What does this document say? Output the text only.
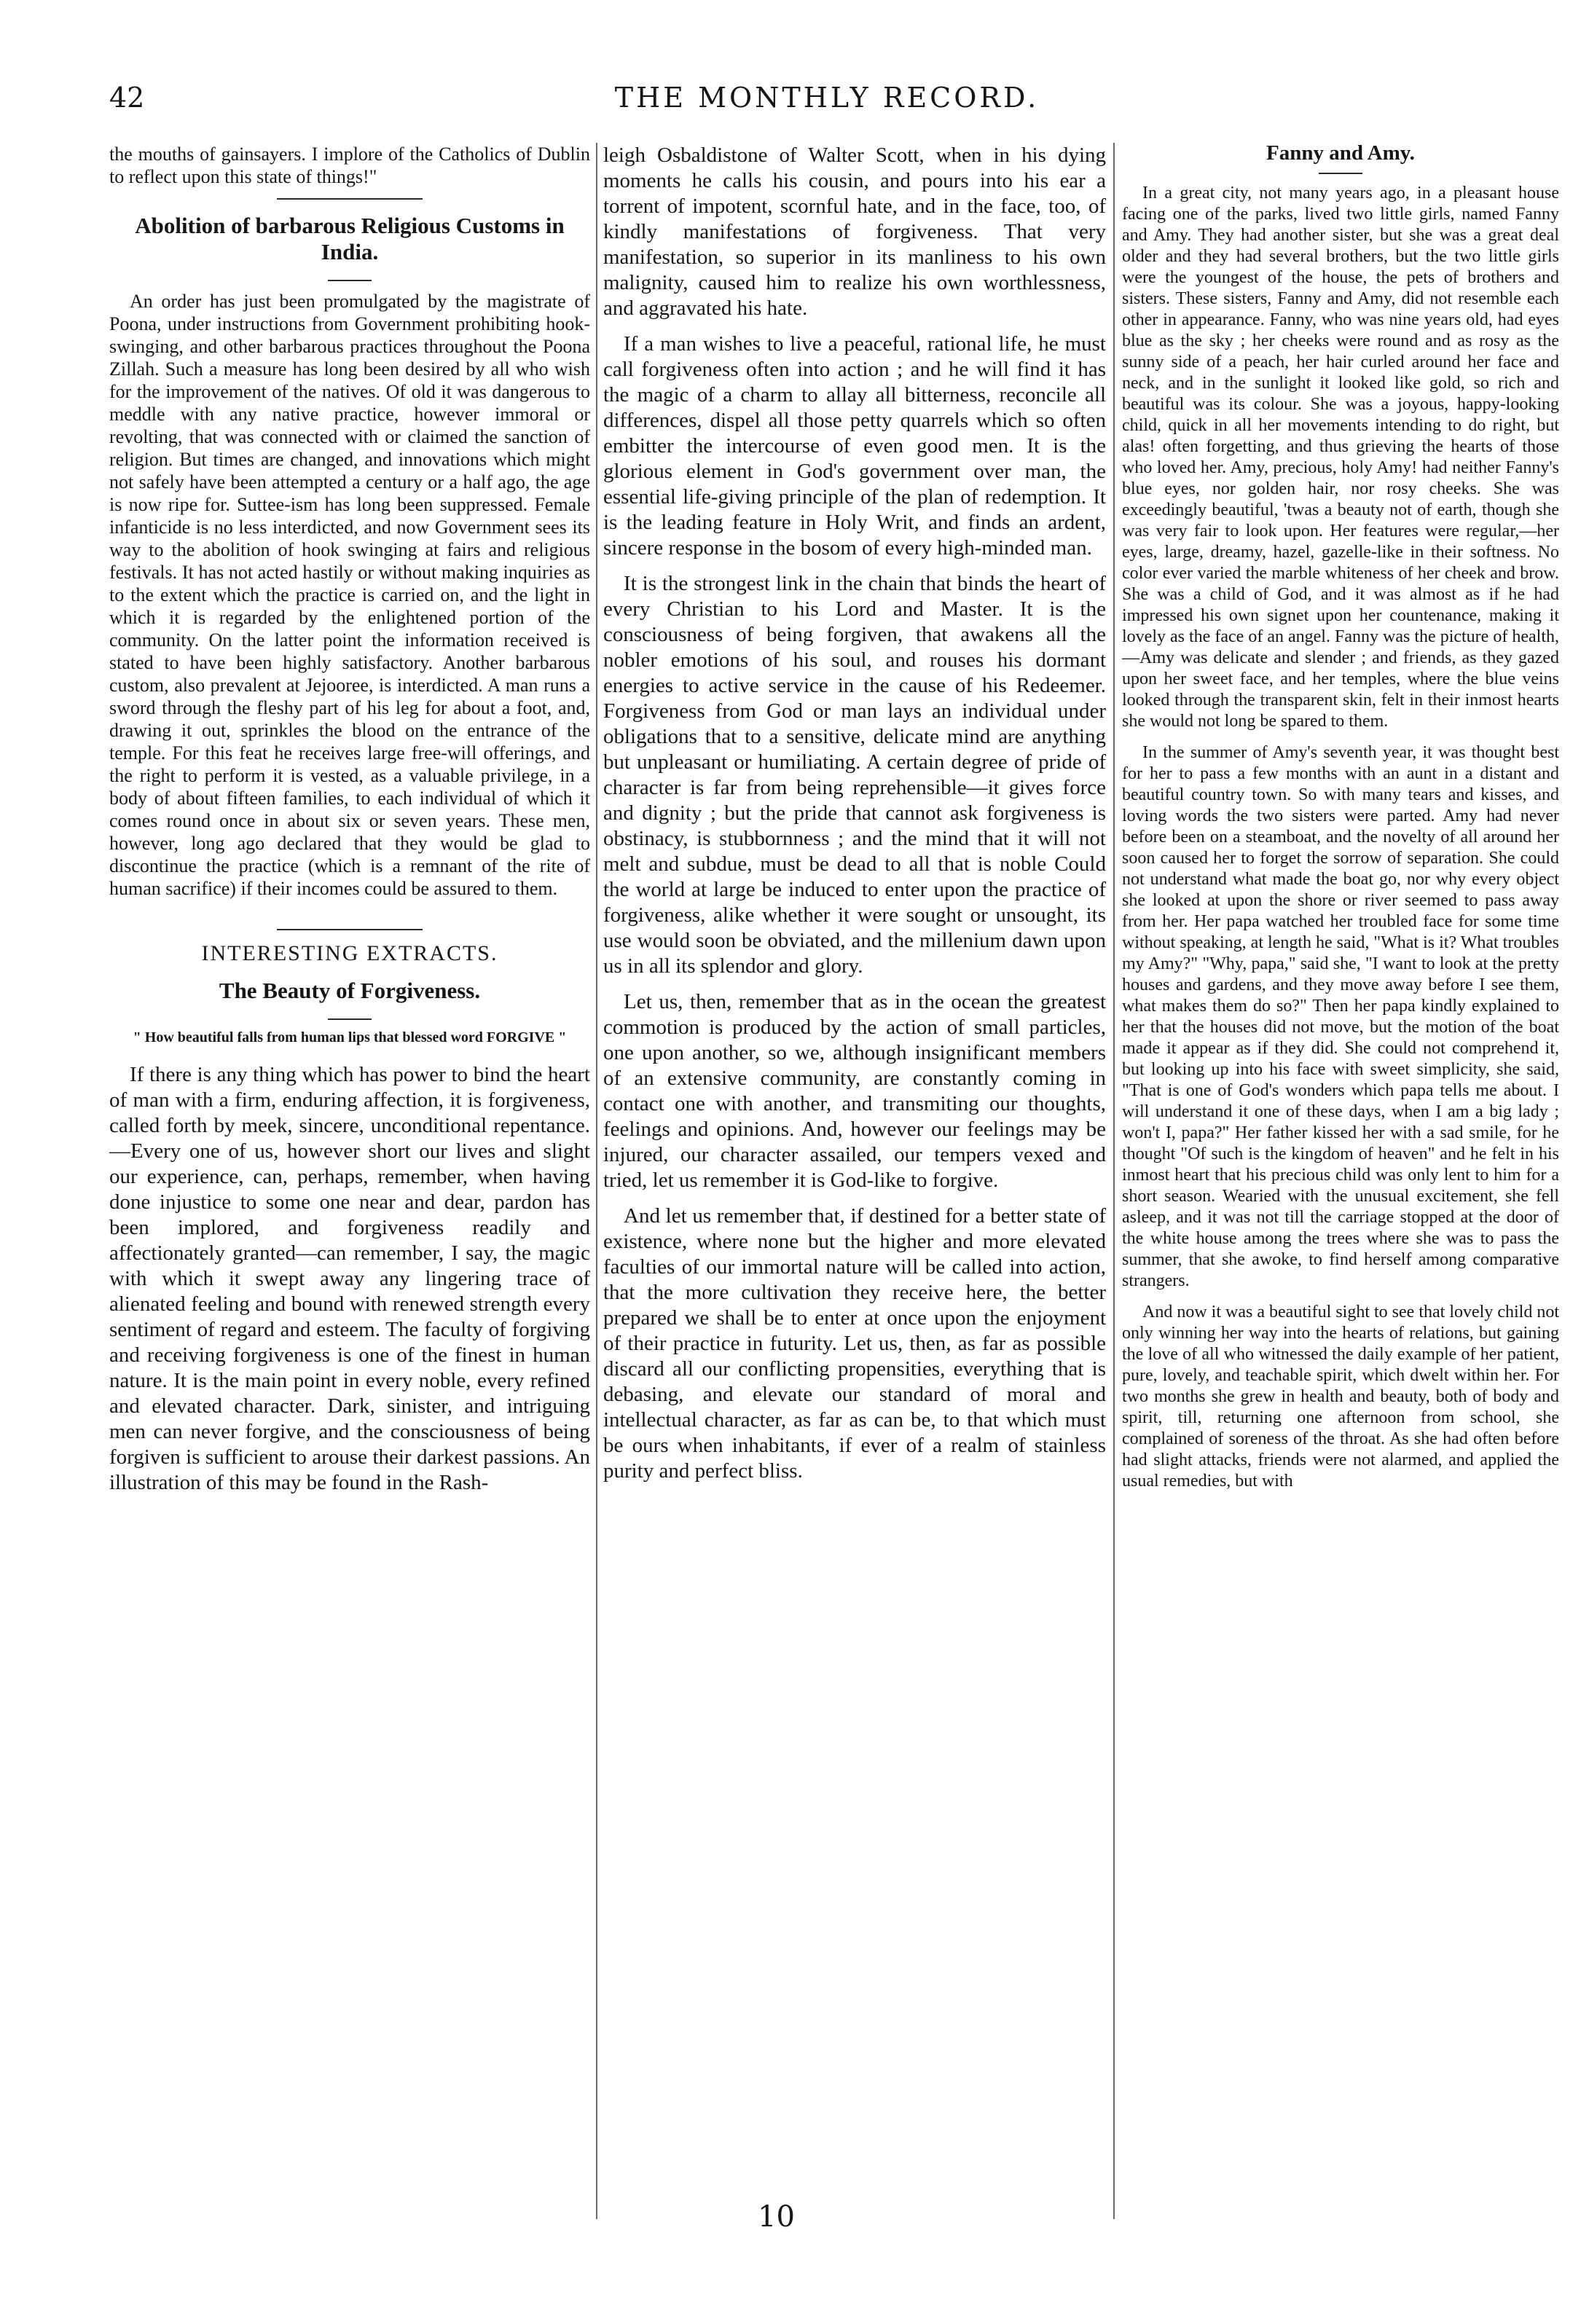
42	THE MONTHLY RECORD.

the mouths of gainsayers. I implore of the Catholics of Dublin to reflect upon this state of things!"

Abolition of barbarous Religious Customs in India.

An order has just been promulgated by the magistrate of Poona, under instructions from Government prohibiting hook-swinging, and other barbarous practices throughout the Poona Zillah. Such a measure has long been desired by all who wish for the improvement of the natives. Of old it was dangerous to meddle with any native practice, however immoral or revolting, that was connected with or claimed the sanction of religion. But times are changed, and innovations which might not safely have been attempted a century or a half ago, the age is now ripe for. Suttee-ism has long been suppressed. Female infanticide is no less interdicted, and now Government sees its way to the abolition of hook swinging at fairs and religious festivals. It has not acted hastily or without making inquiries as to the extent which the practice is carried on, and the light in which it is regarded by the enlightened portion of the community. On the latter point the information received is stated to have been highly satisfactory. Another barbarous custom, also prevalent at Jejooree, is interdicted. A man runs a sword through the fleshy part of his leg for about a foot, and, drawing it out, sprinkles the blood on the entrance of the temple. For this feat he receives large free-will offerings, and the right to perform it is vested, as a valuable privilege, in a body of about fifteen families, to each individual of which it comes round once in about six or seven years. These men, however, long ago declared that they would be glad to discontinue the practice (which is a remnant of the rite of human sacrifice) if their incomes could be assured to them.

INTERESTING EXTRACTS.
The Beauty of Forgiveness.
" How beautiful falls from human lips that blessed word FORGIVE "

If there is any thing which has power to bind the heart of man with a firm, enduring affection, it is forgiveness, called forth by meek, sincere, unconditional repentance.—Every one of us, however short our lives and slight our experience, can, perhaps, remember, when having done injustice to some one near and dear, pardon has been implored, and forgiveness readily and affectionately granted—can remember, I say, the magic with which it swept away any lingering trace of alienated feeling and bound with renewed strength every sentiment of regard and esteem. The faculty of forgiving and receiving forgiveness is one of the finest in human nature. It is the main point in every noble, every refined and elevated character. Dark, sinister, and intriguing men can never forgive, and the consciousness of being forgiven is sufficient to arouse their darkest passions. An illustration of this may be found in the Rash-

leigh Osbaldistone of Walter Scott, when in his dying moments he calls his cousin, and pours into his ear a torrent of impotent, scornful hate, and in the face, too, of kindly manifestations of forgiveness. That very manifestation, so superior in its manliness to his own malignity, caused him to realize his own worthlessness, and aggravated his hate.

If a man wishes to live a peaceful, rational life, he must call forgiveness often into action ; and he will find it has the magic of a charm to allay all bitterness, reconcile all differences, dispel all those petty quarrels which so often embitter the intercourse of even good men. It is the glorious element in God's government over man, the essential life-giving principle of the plan of redemption. It is the leading feature in Holy Writ, and finds an ardent, sincere response in the bosom of every high-minded man.

It is the strongest link in the chain that binds the heart of every Christian to his Lord and Master. It is the consciousness of being forgiven, that awakens all the nobler emotions of his soul, and rouses his dormant energies to active service in the cause of his Redeemer. Forgiveness from God or man lays an individual under obligations that to a sensitive, delicate mind are anything but unpleasant or humiliating. A certain degree of pride of character is far from being reprehensible—it gives force and dignity ; but the pride that cannot ask forgiveness is obstinacy, is stubbornness ; and the mind that it will not melt and subdue, must be dead to all that is noble Could the world at large be induced to enter upon the practice of forgiveness, alike whether it were sought or unsought, its use would soon be obviated, and the millenium dawn upon us in all its splendor and glory.

Let us, then, remember that as in the ocean the greatest commotion is produced by the action of small particles, one upon another, so we, although insignificant members of an extensive community, are constantly coming in contact one with another, and transmiting our thoughts, feelings and opinions. And, however our feelings may be injured, our character assailed, our tempers vexed and tried, let us remember it is God-like to forgive.

And let us remember that, if destined for a better state of existence, where none but the higher and more elevated faculties of our immortal nature will be called into action, that the more cultivation they receive here, the better prepared we shall be to enter at once upon the enjoyment of their practice in futurity. Let us, then, as far as possible discard all our conflicting propensities, everything that is debasing, and elevate our standard of moral and intellectual character, as far as can be, to that which must be ours when inhabitants, if ever of a realm of stainless purity and perfect bliss.

Fanny and Amy.

In a great city, not many years ago, in a pleasant house facing one of the parks, lived two little girls, named Fanny and Amy. They had another sister, but she was a great deal older and they had several brothers, but the two little girls were the youngest of the house, the pets of brothers and sisters. These sisters, Fanny and Amy, did not resemble each other in appearance. Fanny, who was nine years old, had eyes blue as the sky ; her cheeks were round and as rosy as the sunny side of a peach, her hair curled around her face and neck, and in the sunlight it looked like gold, so rich and beautiful was its colour. She was a joyous, happy-looking child, quick in all her movements intending to do right, but alas! often forgetting, and thus grieving the hearts of those who loved her. Amy, precious, holy Amy! had neither Fanny's blue eyes, nor golden hair, nor rosy cheeks. She was exceedingly beautiful, 'twas a beauty not of earth, though she was very fair to look upon. Her features were regular,—her eyes, large, dreamy, hazel, gazelle-like in their softness. No color ever varied the marble whiteness of her cheek and brow. She was a child of God, and it was almost as if he had impressed his own signet upon her countenance, making it lovely as the face of an angel. Fanny was the picture of health,—Amy was delicate and slender ; and friends, as they gazed upon her sweet face, and her temples, where the blue veins looked through the transparent skin, felt in their inmost hearts she would not long be spared to them.

In the summer of Amy's seventh year, it was thought best for her to pass a few months with an aunt in a distant and beautiful country town. So with many tears and kisses, and loving words the two sisters were parted. Amy had never before been on a steamboat, and the novelty of all around her soon caused her to forget the sorrow of separation. She could not understand what made the boat go, nor why every object she looked at upon the shore or river seemed to pass away from her. Her papa watched her troubled face for some time without speaking, at length he said, "What is it? What troubles my Amy?" "Why, papa," said she, "I want to look at the pretty houses and gardens, and they move away before I see them, what makes them do so?" Then her papa kindly explained to her that the houses did not move, but the motion of the boat made it appear as if they did. She could not comprehend it, but looking up into his face with sweet simplicity, she said, "That is one of God's wonders which papa tells me about. I will understand it one of these days, when I am a big lady ; won't I, papa?" Her father kissed her with a sad smile, for he thought "Of such is the kingdom of heaven" and he felt in his inmost heart that his precious child was only lent to him for a short season. Wearied with the unusual excitement, she fell asleep, and it was not till the carriage stopped at the door of the white house among the trees where she was to pass the summer, that she awoke, to find herself among comparative strangers.

And now it was a beautiful sight to see that lovely child not only winning her way into the hearts of relations, but gaining the love of all who witnessed the daily example of her patient, pure, lovely, and teachable spirit, which dwelt within her. For two months she grew in health and beauty, both of body and spirit, till, returning one afternoon from school, she complained of soreness of the throat. As she had often before had slight attacks, friends were not alarmed, and applied the usual remedies, but with

10
